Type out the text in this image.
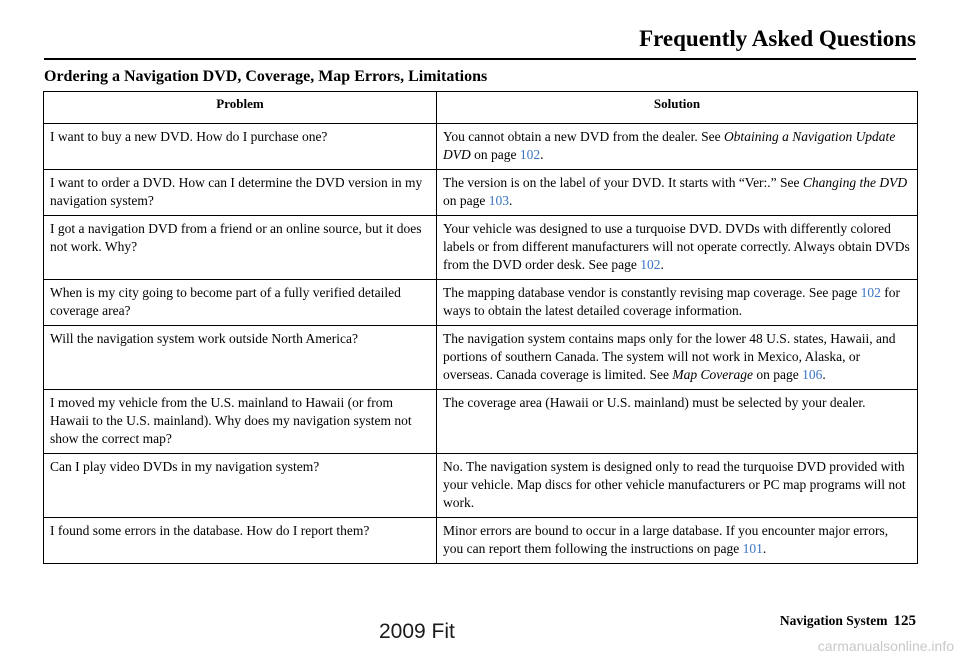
Frequently Asked Questions
Ordering a Navigation DVD, Coverage, Map Errors, Limitations
Problem	Solution
I want to buy a new DVD. How do I purchase one?	You cannot obtain a new DVD from the dealer. See Obtaining a Navigation Update DVD on page 102.
I want to order a DVD. How can I determine the DVD version in my navigation system?	The version is on the label of your DVD. It starts with “Ver:.” See Changing the DVD on page 103.
I got a navigation DVD from a friend or an online source, but it does not work. Why?	Your vehicle was designed to use a turquoise DVD. DVDs with differently colored labels or from different manufacturers will not operate correctly. Always obtain DVDs from the DVD order desk. See page 102.
When is my city going to become part of a fully verified detailed coverage area?	The mapping database vendor is constantly revising map coverage. See page 102 for ways to obtain the latest detailed coverage information.
Will the navigation system work outside North America?	The navigation system contains maps only for the lower 48 U.S. states, Hawaii, and portions of southern Canada. The system will not work in Mexico, Alaska, or overseas. Canada coverage is limited. See Map Coverage on page 106.
I moved my vehicle from the U.S. mainland to Hawaii (or from Hawaii to the U.S. mainland). Why does my navigation system not show the correct map?	The coverage area (Hawaii or U.S. mainland) must be selected by your dealer.
Can I play video DVDs in my navigation system?	No. The navigation system is designed only to read the turquoise DVD provided with your vehicle. Map discs for other vehicle manufacturers or PC map programs will not work.
I found some errors in the database. How do I report them?	Minor errors are bound to occur in a large database. If you encounter major errors, you can report them following the instructions on page 101.
Navigation System 125
2009 Fit
carmanualsonline.info
